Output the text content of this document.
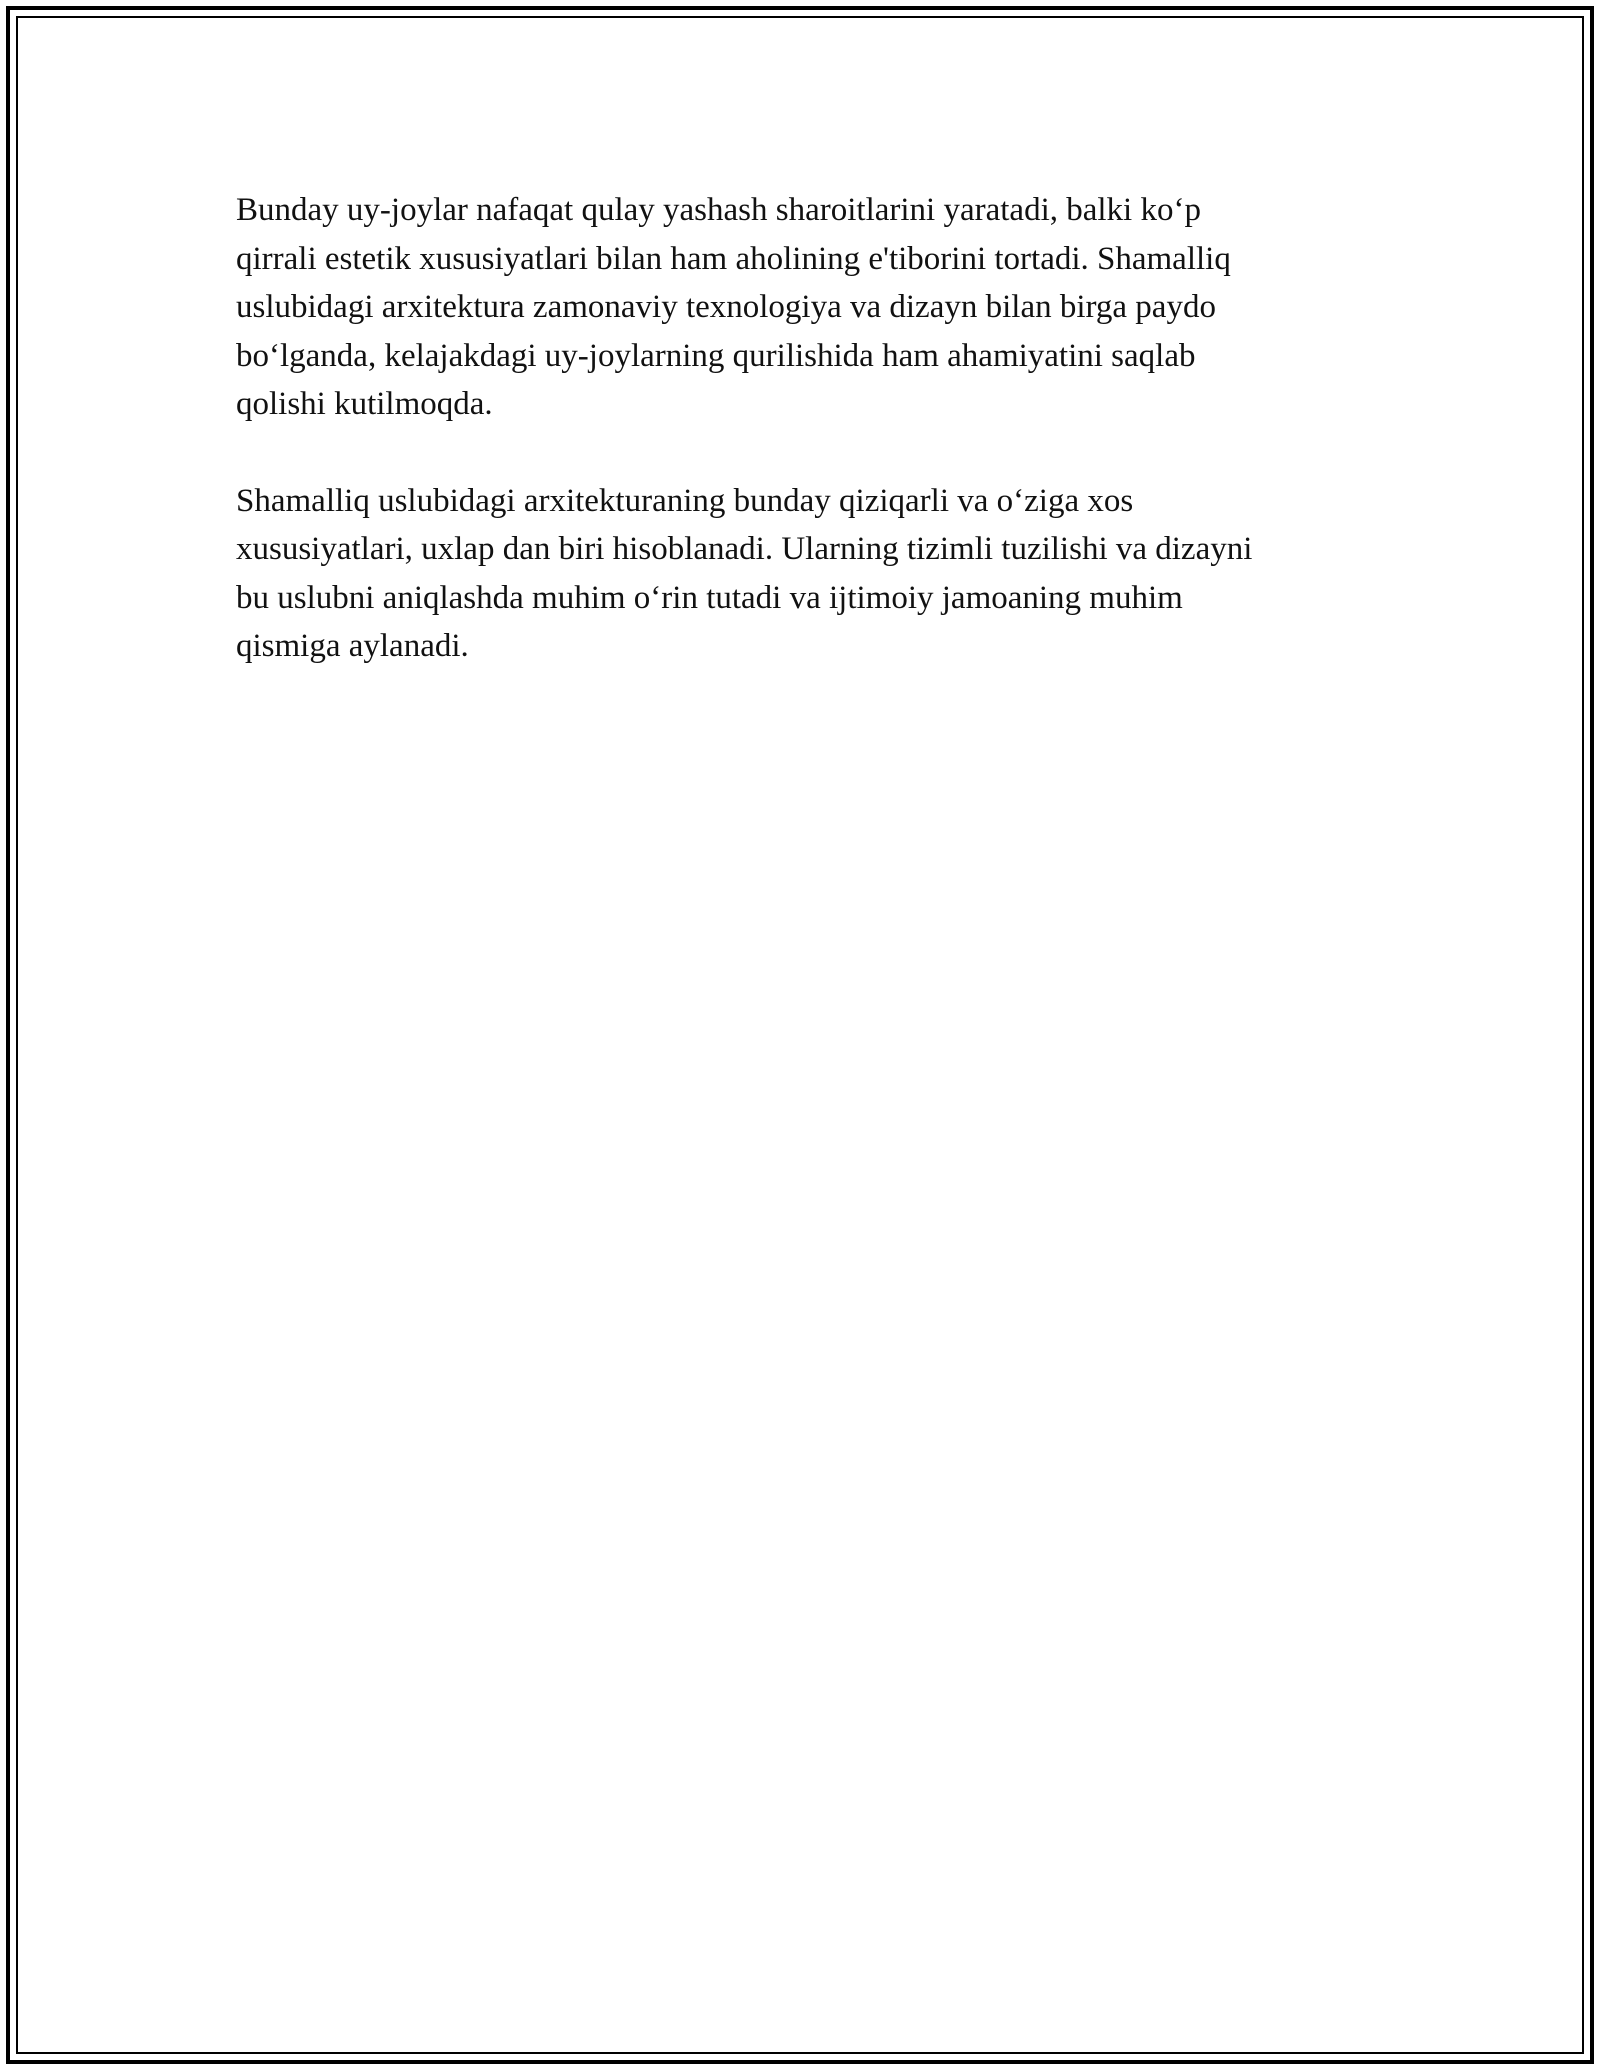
Bunday uy-joylar nafaqat qulay yashash sharoitlarini yaratadi, balki ko‘p
qirrali estetik xususiyatlari bilan ham aholining e'tiborini tortadi. Shamalliq
uslubidagi arxitektura zamonaviy texnologiya va dizayn bilan birga paydo
bo‘lganda, kelajakdagi uy-joylarning qurilishida ham ahamiyatini saqlab
qolishi kutilmoqda.

Shamalliq uslubidagi arxitekturaning bunday qiziqarli va o‘ziga xos
xususiyatlari, uxlap dan biri hisoblanadi. Ularning tizimli tuzilishi va dizayni
bu uslubni aniqlashda muhim o‘rin tutadi va ijtimoiy jamoaning muhim
qismiga aylanadi.
